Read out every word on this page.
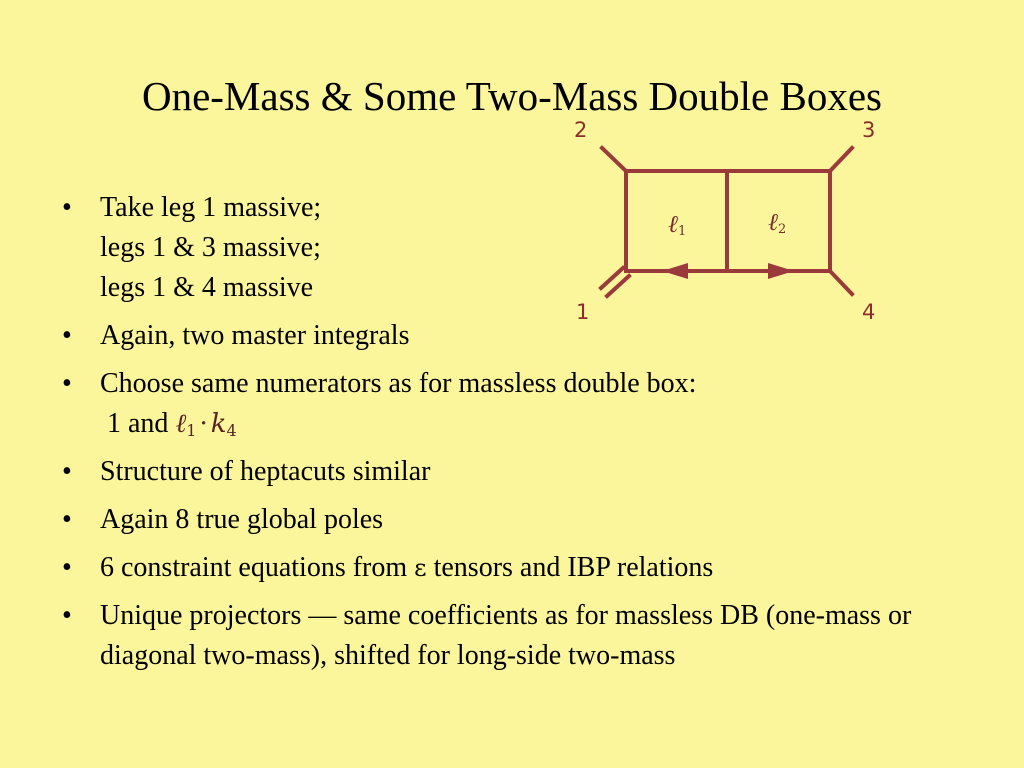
One-Mass & Some Two-Mass Double Boxes
2	3
1	4
ℓ$_1$	ℓ$_2$
• Take leg 1 massive;
legs 1 & 3 massive;
legs 1 & 4 massive
• Again, two master integrals
• Choose same numerators as for massless double box:
1 and ℓ$_1$ · $k_4$
• Structure of heptacuts similar
• Again 8 true global poles
• 6 constraint equations from ε tensors and IBP relations
• Unique projectors — same coefficients as for massless DB (one-mass or diagonal two-mass), shifted for long-side two-mass
